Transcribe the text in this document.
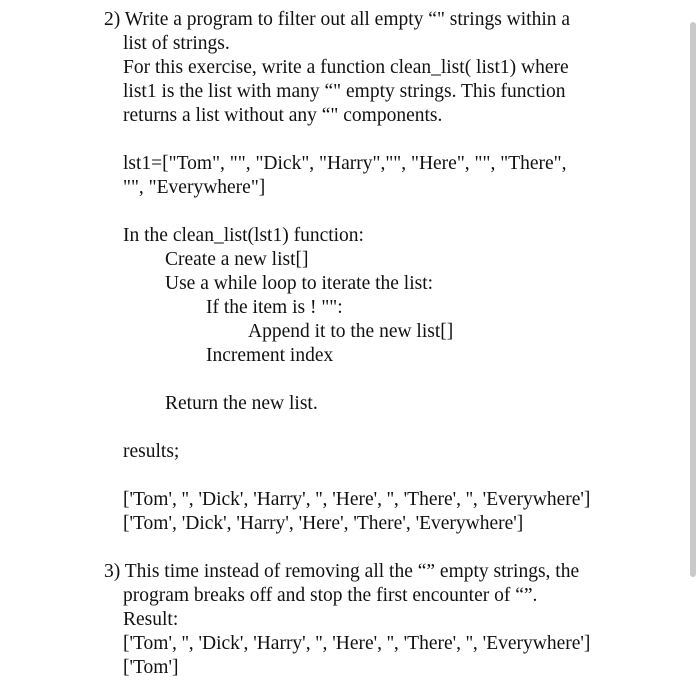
2) Write a program to filter out all empty “" strings within a
list of strings.
For this exercise, write a function clean_list( list1) where
list1 is the list with many “" empty strings. This function
returns a list without any “" components.
lst1=["Tom", "", "Dick", "Harry","", "Here", "", "There",
"", "Everywhere"]
In the clean_list(lst1) function:
Create a new list[]
Use a while loop to iterate the list:
If the item is ! "":
Append it to the new list[]
Increment index
Return the new list.
results;
['Tom', '', 'Dick', 'Harry', '', 'Here', '', 'There', '', 'Everywhere']
['Tom', 'Dick', 'Harry', 'Here', 'There', 'Everywhere']
3) This time instead of removing all the “” empty strings, the
program breaks off and stop the first encounter of “”.
Result:
['Tom', '', 'Dick', 'Harry', '', 'Here', '', 'There', '', 'Everywhere']
['Tom']
